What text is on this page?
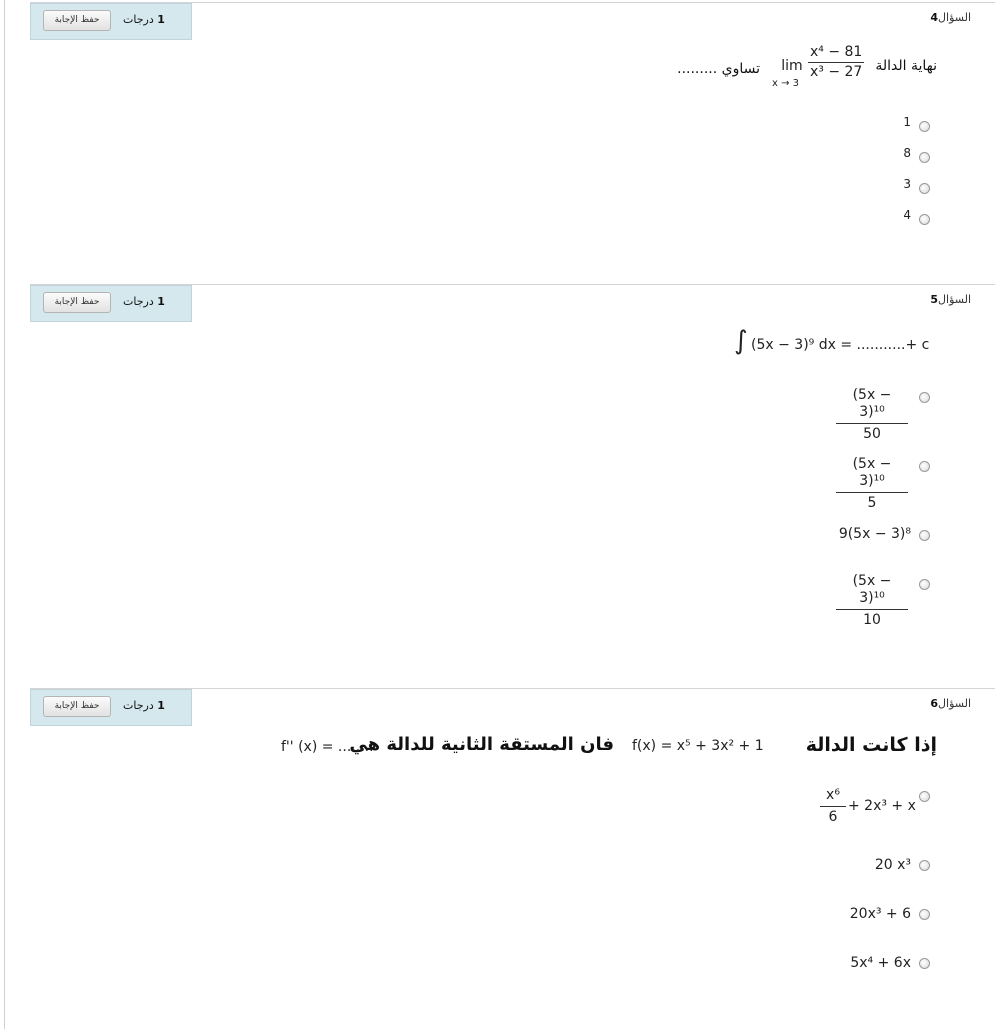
حفظ الإجابة	1 درجات	السؤال4
نهاية الدالة
lim
x → 3
$\frac{\text{x⁴ − 81}}{\text{x³ − 27}}$
تساوي .........
1
8
3
4
حفظ الإجابة	1 درجات	السؤال5
∫ (5x − 3)⁹ dx = ...........+ c
$\frac{\text{(5x − 3)¹⁰}}{50}$
$\frac{\text{(5x − 3)¹⁰}}{5}$
9(5x − 3)⁸
$\frac{\text{(5x − 3)¹⁰}}{10}$
حفظ الإجابة	1 درجات	السؤال6
إذا كانت الدالة
f(x) = x⁵ + 3x² + 1
فان المستقة الثانية للدالة هي
f'' (x) = ........
$\frac{\text{x⁶}}{6} + 2x^3 + x$
20 x³
20x³ + 6
5x⁴ + 6x
